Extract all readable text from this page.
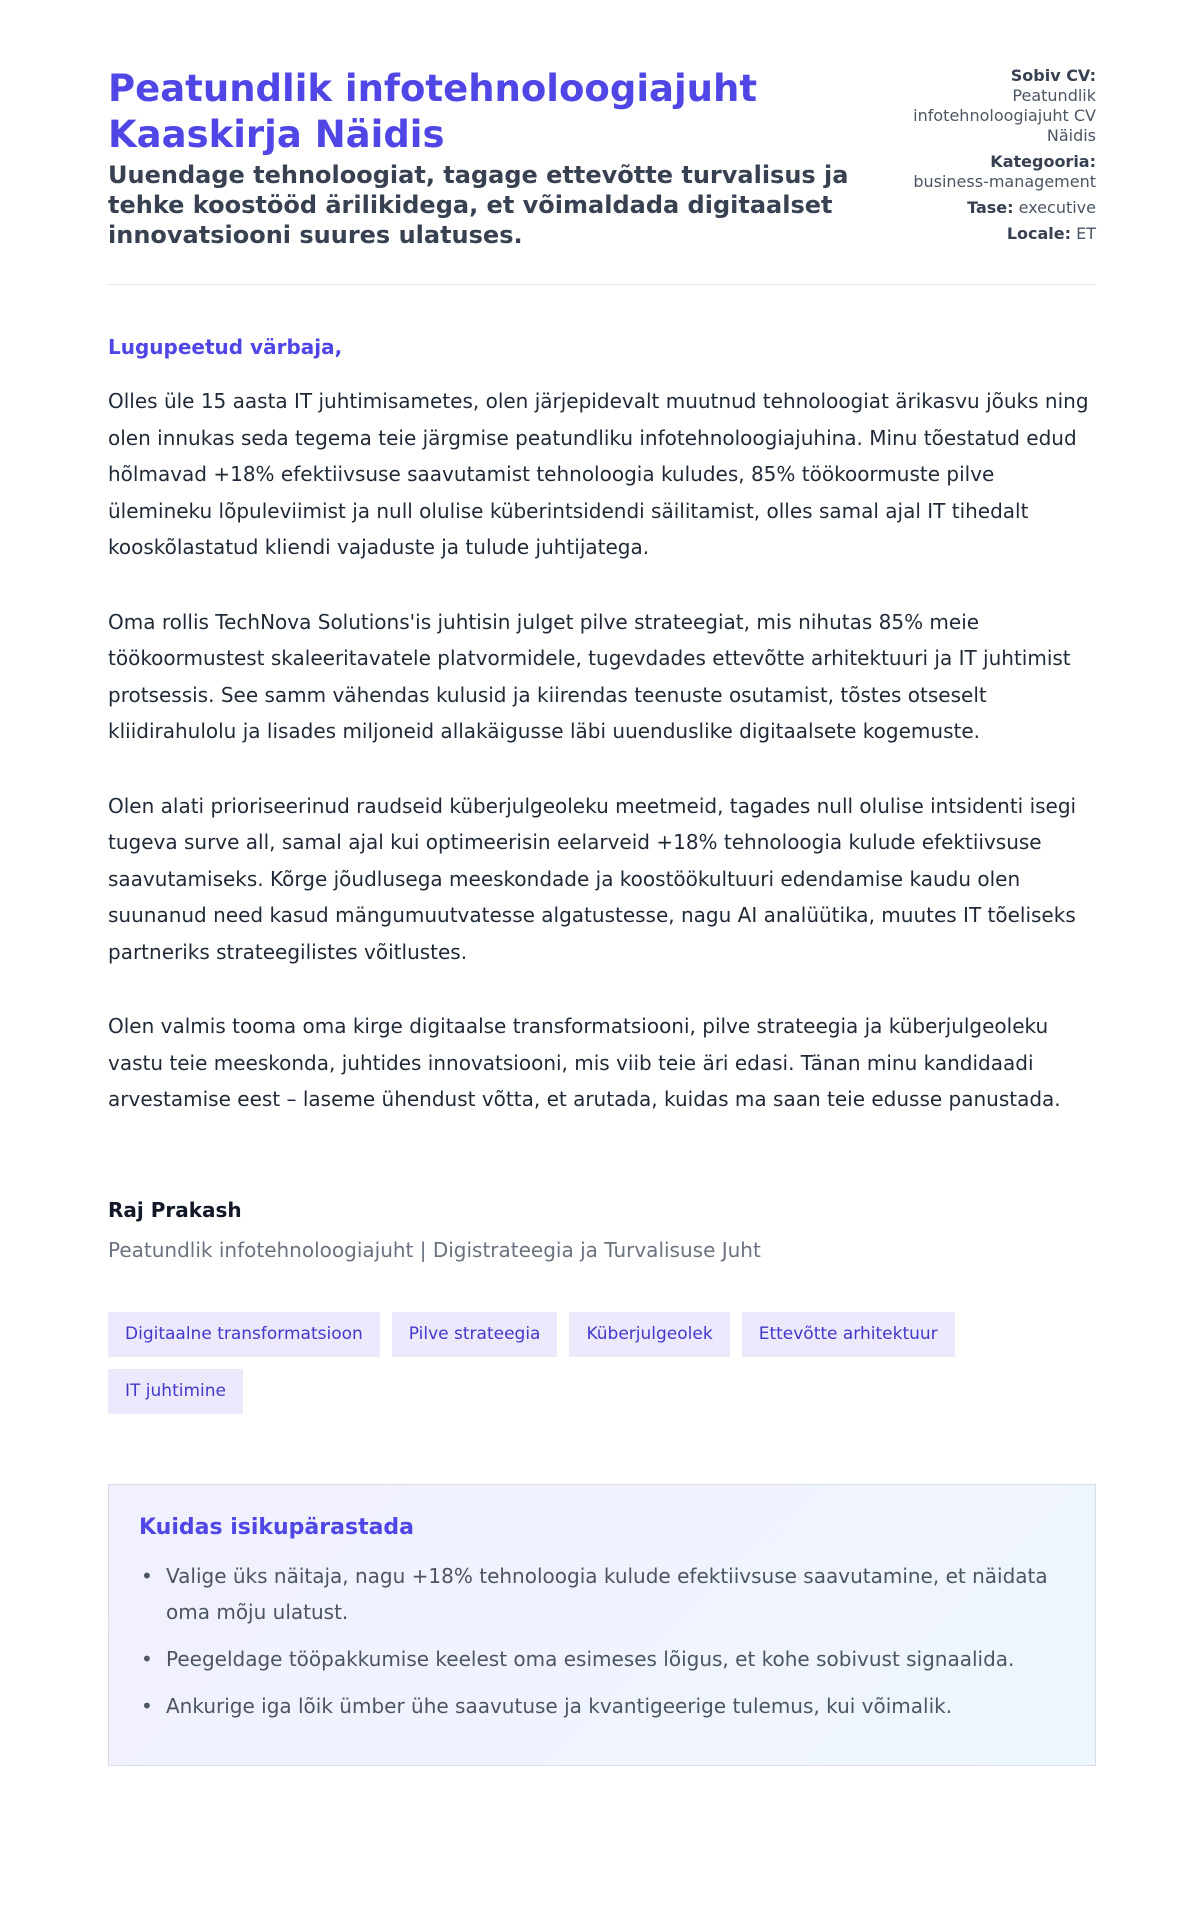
Peatundlik infotehnoloogiajuht Kaaskirja Näidis
Uuendage tehnoloogiat, tagage ettevõtte turvalisus ja tehke koostööd ärilikidega, et võimaldada digitaalset innovatsiooni suures ulatuses.
Sobiv CV:
Peatundlik infotehnoloogiajuht CV Näidis
Kategooria:
business-management
Tase: executive
Locale: ET
Lugupeetud värbaja,

Olles üle 15 aasta IT juhtimisametes, olen järjepidevalt muutnud tehnoloogiat ärikasvu jõuks ning olen innukas seda tegema teie järgmise peatundliku infotehnoloogiajuhina. Minu tõestatud edud hõlmavad +18% efektiivsuse saavutamist tehnoloogia kuludes, 85% töökoormuste pilve ülemineku lõpuleviimist ja null olulise küberintsidendi säilitamist, olles samal ajal IT tihedalt kooskõlastatud kliendi vajaduste ja tulude juhtijatega.

Oma rollis TechNova Solutions'is juhtisin julget pilve strateegiat, mis nihutas 85% meie töökoormustest skaleeritavatele platvormidele, tugevdades ettevõtte arhitektuuri ja IT juhtimist protsessis. See samm vähendas kulusid ja kiirendas teenuste osutamist, tõstes otseselt kliidirahulolu ja lisades miljoneid allakäigusse läbi uuenduslike digitaalsete kogemuste.

Olen alati prioriseerinud raudseid küberjulgeoleku meetmeid, tagades null olulise intsidenti isegi tugeva surve all, samal ajal kui optimeerisin eelarveid +18% tehnoloogia kulude efektiivsuse saavutamiseks. Kõrge jõudlusega meeskondade ja koostöökultuuri edendamise kaudu olen suunanud need kasud mängumuutvatesse algatustesse, nagu AI analüütika, muutes IT tõeliseks partneriks strateegilistes võitlustes.

Olen valmis tooma oma kirge digitaalse transformatsiooni, pilve strateegia ja küberjulgeoleku vastu teie meeskonda, juhtides innovatsiooni, mis viib teie äri edasi. Tänan minu kandidaadi arvestamise eest – laseme ühendust võtta, et arutada, kuidas ma saan teie edusse panustada.

Raj Prakash
Peatundlik infotehnoloogiajuht | Digistrateegia ja Turvalisuse Juht
Digitaalne transformatsioon	Pilve strateegia	Küberjulgeolek	Ettevõtte arhitektuur
IT juhtimine
Kuidas isikupärastada
• Valige üks näitaja, nagu +18% tehnoloogia kulude efektiivsuse saavutamine, et näidata oma mõju ulatust.
• Peegeldage tööpakkumise keelest oma esimeses lõigus, et kohe sobivust signaalida.
• Ankurige iga lõik ümber ühe saavutuse ja kvantigeerige tulemus, kui võimalik.
